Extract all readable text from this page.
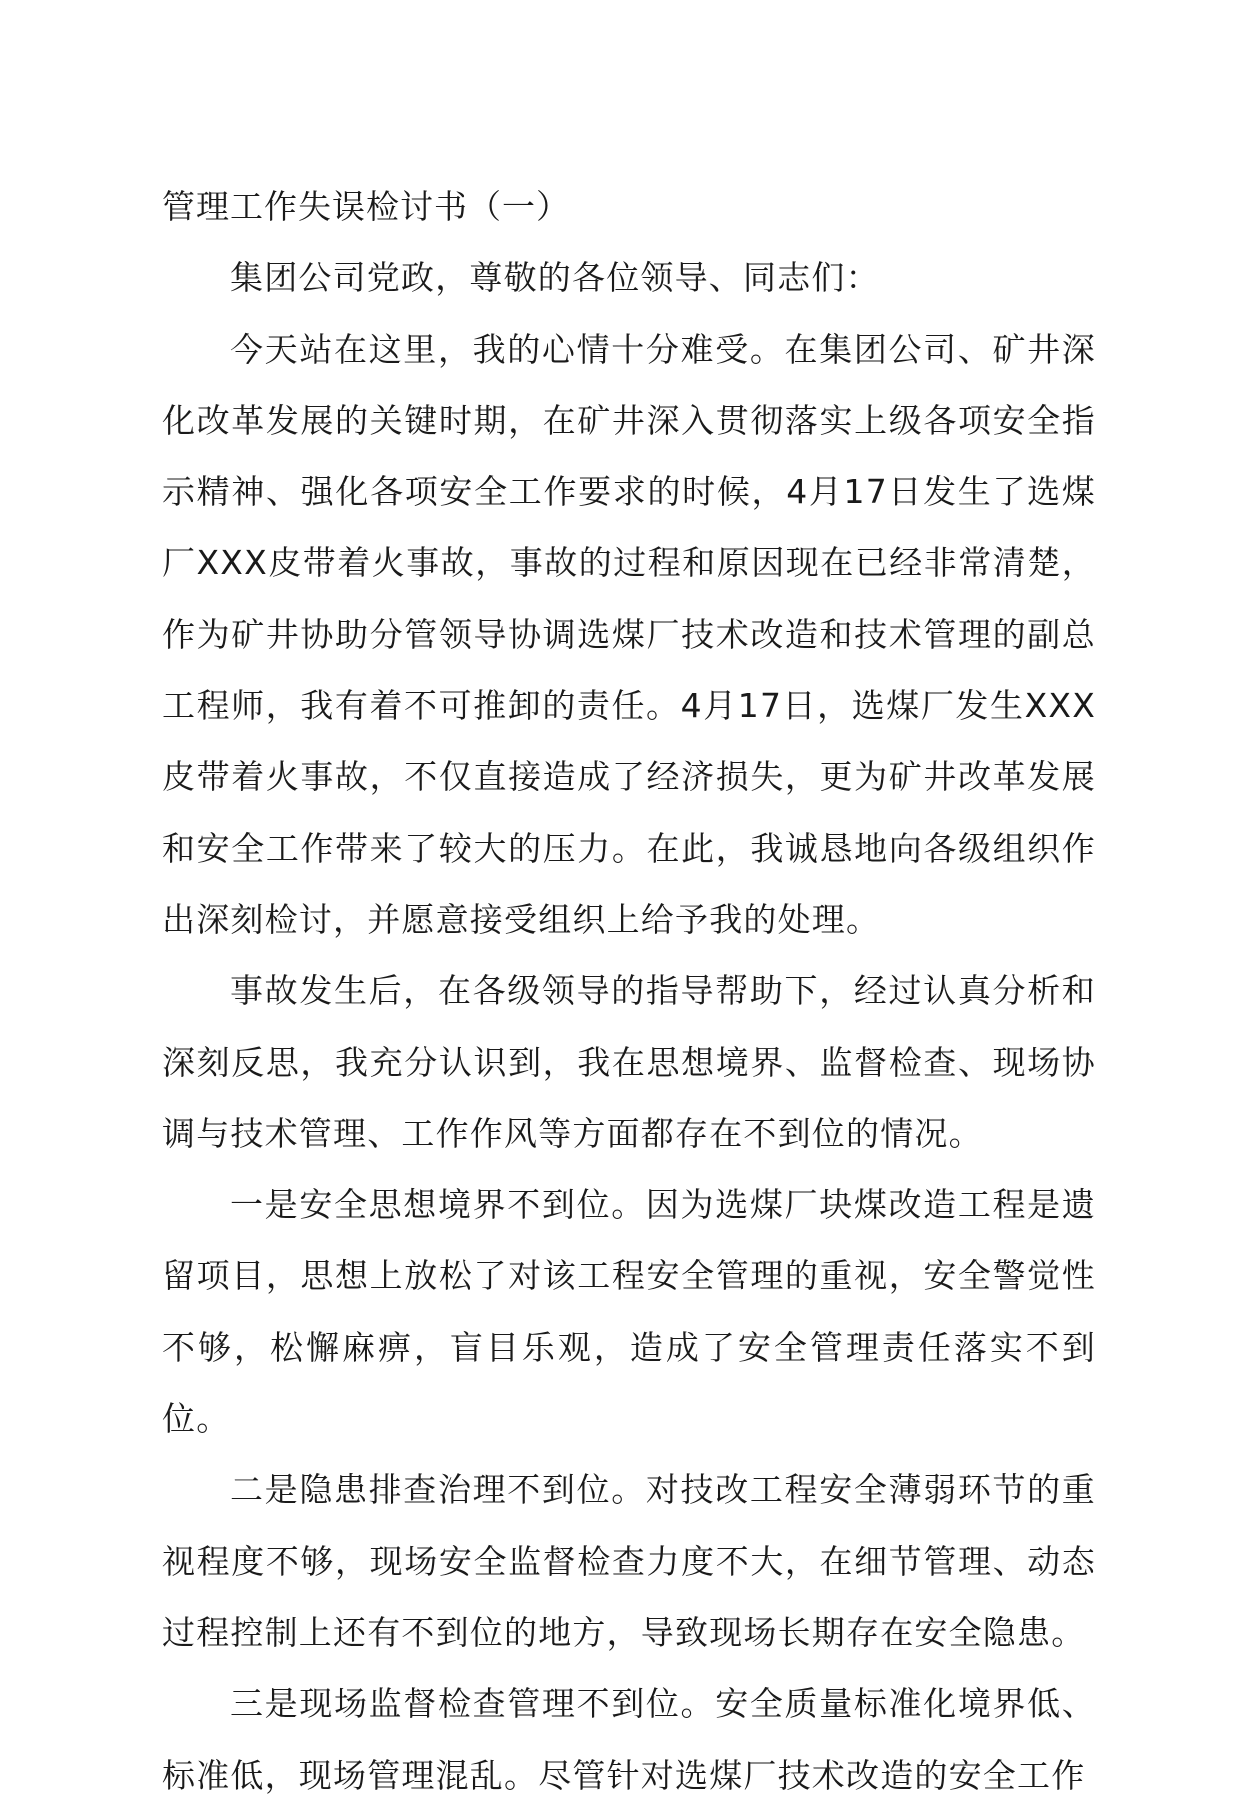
管理工作失误检讨书（一）

集团公司党政，尊敬的各位领导、同志们：

今天站在这里，我的心情十分难受。在集团公司、矿井深化改革发展的关键时期，在矿井深入贯彻落实上级各项安全指示精神、强化各项安全工作要求的时候，4月17日发生了选煤厂XXX皮带着火事故，事故的过程和原因现在已经非常清楚，作为矿井协助分管领导协调选煤厂技术改造和技术管理的副总工程师，我有着不可推卸的责任。4月17日，选煤厂发生XXX皮带着火事故，不仅直接造成了经济损失，更为矿井改革发展和安全工作带来了较大的压力。在此，我诚恳地向各级组织作出深刻检讨，并愿意接受组织上给予我的处理。

事故发生后，在各级领导的指导帮助下，经过认真分析和深刻反思，我充分认识到，我在思想境界、监督检查、现场协调与技术管理、工作作风等方面都存在不到位的情况。

一是安全思想境界不到位。因为选煤厂块煤改造工程是遗留项目，思想上放松了对该工程安全管理的重视，安全警觉性不够，松懈麻痹，盲目乐观，造成了安全管理责任落实不到位。

二是隐患排查治理不到位。对技改工程安全薄弱环节的重视程度不够，现场安全监督检查力度不大，在细节管理、动态过程控制上还有不到位的地方，导致现场长期存在安全隐患。

三是现场监督检查管理不到位。安全质量标准化境界低、标准低，现场管理混乱。尽管针对选煤厂技术改造的安全工作
